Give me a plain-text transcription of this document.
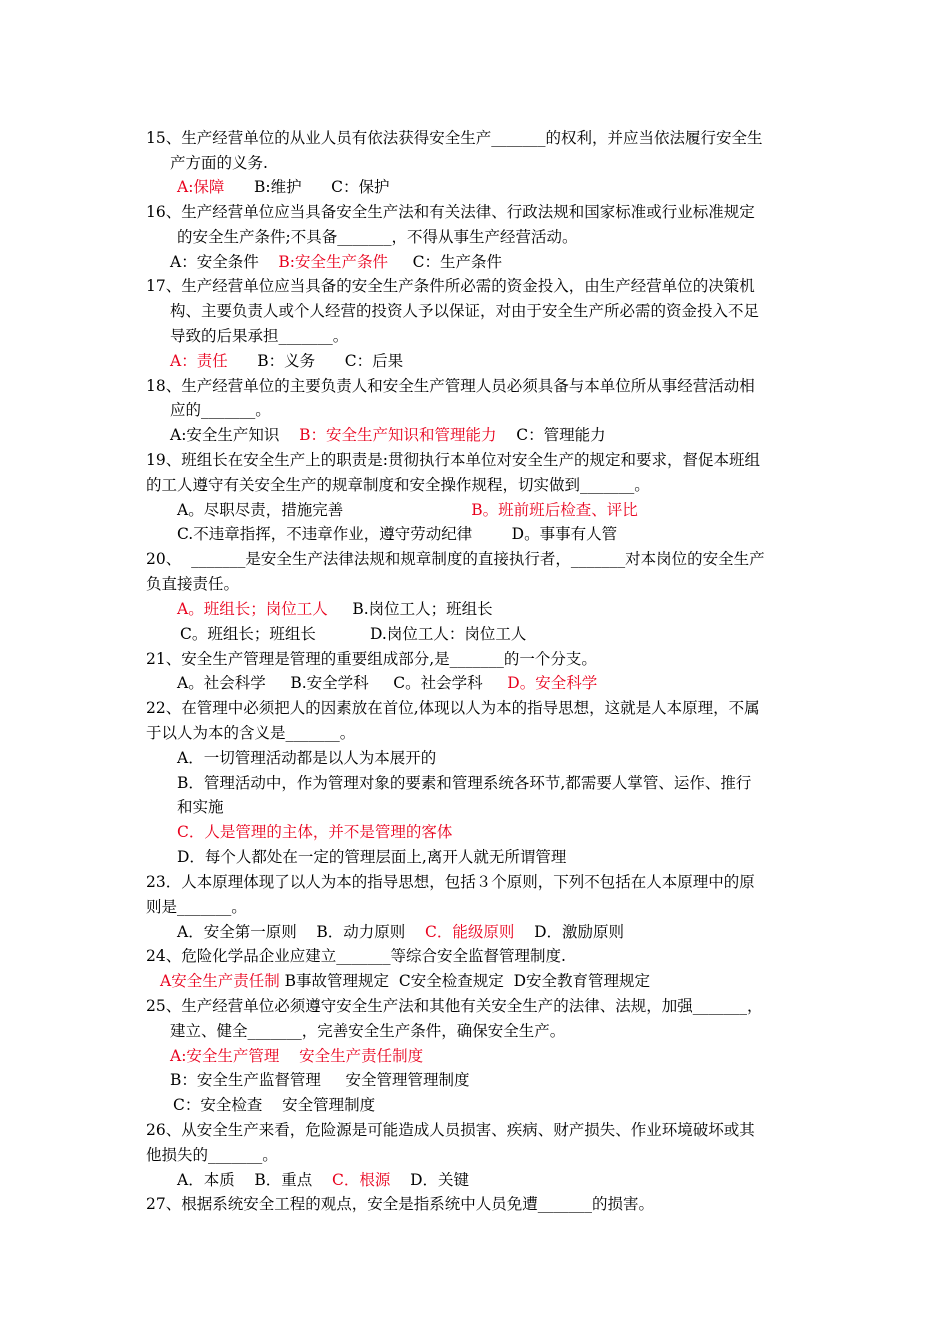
15、生产经营单位的从业人员有依法获得安全生产_______的权利，并应当依法履行安全生
产方面的义务.
A:保障      B:维护      C：保护
16、生产经营单位应当具备安全生产法和有关法律、行政法规和国家标准或行业标准规定
的安全生产条件;不具备_______，不得从事生产经营活动。
A：安全条件    B:安全生产条件     C：生产条件
17、生产经营单位应当具备的安全生产条件所必需的资金投入，由生产经营单位的决策机
构、主要负责人或个人经营的投资人予以保证，对由于安全生产所必需的资金投入不足
导致的后果承担_______。
A：责任      B：义务      C：后果
18、生产经营单位的主要负责人和安全生产管理人员必须具备与本单位所从事经营活动相
应的_______。
A:安全生产知识    B：安全生产知识和管理能力    C：管理能力
19、班组长在安全生产上的职责是:贯彻执行本单位对安全生产的规定和要求，督促本班组
的工人遵守有关安全生产的规章制度和安全操作规程，切实做到_______。
A。尽职尽责，措施完善                          B。班前班后检查、评比
C.不违章指挥，不违章作业，遵守劳动纪律        D。事事有人管
20、  _______是安全生产法律法规和规章制度的直接执行者，_______对本岗位的安全生产
负直接责任。
A。班组长；岗位工人     B.岗位工人；班组长
C。班组长；班组长           D.岗位工人：岗位工人
21、安全生产管理是管理的重要组成部分,是_______的一个分支。
A。社会科学     B.安全学科     C。社会学科     D。安全科学
22、在管理中必须把人的因素放在首位,体现以人为本的指导思想，这就是人本原理，不属
于以人为本的含义是_______。
A．一切管理活动都是以人为本展开的
B．管理活动中，作为管理对象的要素和管理系统各环节,都需要人掌管、运作、推行
和实施
C．人是管理的主体，并不是管理的客体
D．每个人都处在一定的管理层面上,离开人就无所谓管理
23．人本原理体现了以人为本的指导思想，包括３个原则，下列不包括在人本原理中的原
则是_______。
A．安全第一原则    B．动力原则    C．能级原则    D．激励原则
24、危险化学品企业应建立_______等综合安全监督管理制度.
A安全生产责任制 B事故管理规定  C安全检查规定  D安全教育管理规定
25、生产经营单位必须遵守安全生产法和其他有关安全生产的法律、法规，加强_______，
建立、健全_______，完善安全生产条件，确保安全生产。
A:安全生产管理    安全生产责任制度
B：安全生产监督管理     安全管理管理制度
C：安全检查    安全管理制度
26、从安全生产来看，危险源是可能造成人员损害、疾病、财产损失、作业环境破坏或其
他损失的_______。
A．本质    B．重点    C．根源    D．关键
27、根据系统安全工程的观点，安全是指系统中人员免遭_______的损害。
